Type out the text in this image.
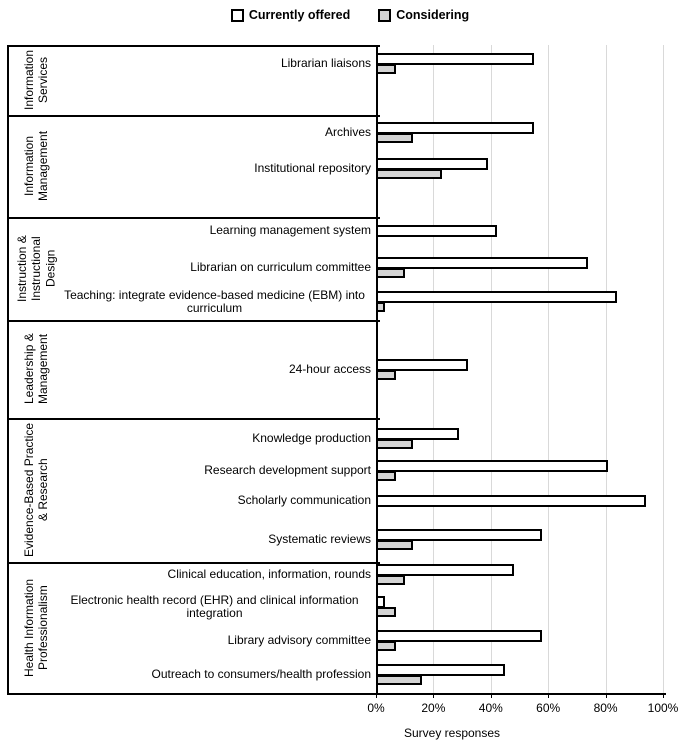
Currently offered	Considering
0%	20%	40%	60%	80%	100%
Information Services	Librarian liaisons
Information Management	Archives
Institutional repository
Instruction & Instructional Design
Learning management system
Librarian on curriculum committee
Teaching: integrate evidence-based medicine (EBM) into curriculum
Leadership & Management	24-hour access
Evidence-Based Practice & Research
Knowledge production
Research development support
Scholarly communication
Systematic reviews
Health Information Professionalism
Clinical education, information, rounds
Electronic health record (EHR) and clinical information integration
Library advisory committee
Outreach to consumers/health profession
Survey responses
